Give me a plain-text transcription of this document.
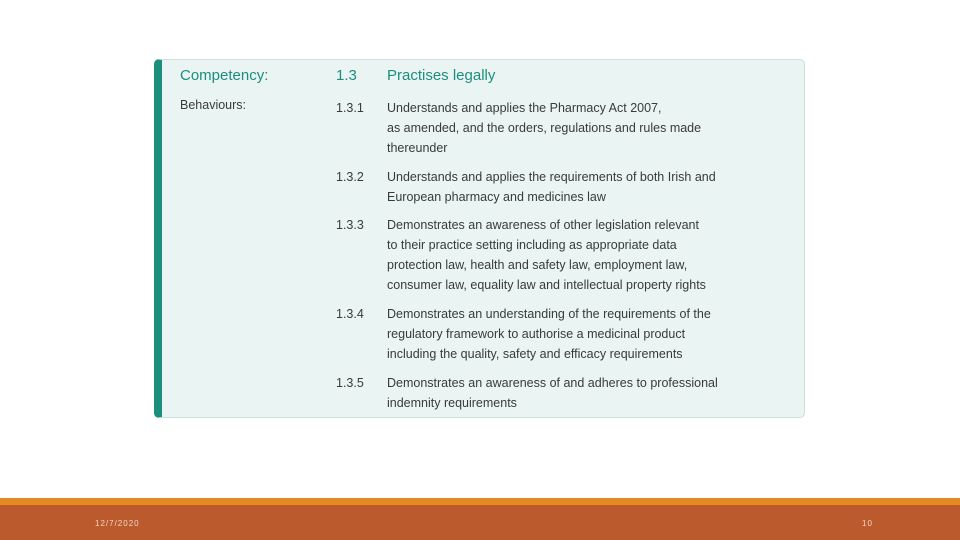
Competency:	1.3 Practises legally
Behaviours:	1.3.1 Understands and applies the Pharmacy Act 2007,
as amended, and the orders, regulations and rules made
thereunder
1.3.2 Understands and applies the requirements of both Irish and
European pharmacy and medicines law
1.3.3 Demonstrates an awareness of other legislation relevant
to their practice setting including as appropriate data
protection law, health and safety law, employment law,
consumer law, equality law and intellectual property rights
1.3.4 Demonstrates an understanding of the requirements of the
regulatory framework to authorise a medicinal product
including the quality, safety and efficacy requirements
1.3.5 Demonstrates an awareness of and adheres to professional
indemnity requirements
12/7/2020	10
